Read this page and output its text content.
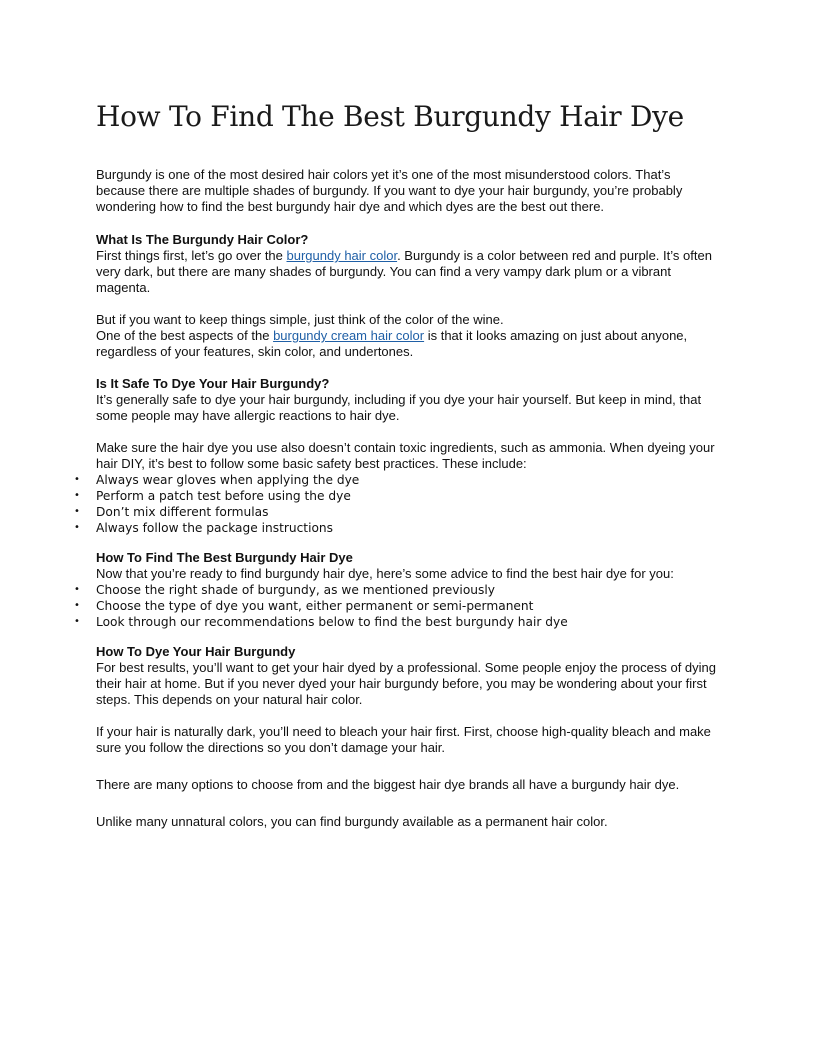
How To Find The Best Burgundy Hair Dye

Burgundy is one of the most desired hair colors yet it’s one of the most misunderstood colors. That’s because there are multiple shades of burgundy. If you want to dye your hair burgundy, you’re probably wondering how to find the best burgundy hair dye and which dyes are the best out there.

What Is The Burgundy Hair Color?

First things first, let’s go over the burgundy hair color. Burgundy is a color between red and purple. It’s often very dark, but there are many shades of burgundy. You can find a very vampy dark plum or a vibrant magenta.

But if you want to keep things simple, just think of the color of the wine.

One of the best aspects of the burgundy cream hair color is that it looks amazing on just about anyone, regardless of your features, skin color, and undertones.

Is It Safe To Dye Your Hair Burgundy?

It’s generally safe to dye your hair burgundy, including if you dye your hair yourself. But keep in mind, that some people may have allergic reactions to hair dye.

Make sure the hair dye you use also doesn’t contain toxic ingredients, such as ammonia. When dyeing your hair DIY, it’s best to follow some basic safety best practices. These include:

• Always wear gloves when applying the dye
• Perform a patch test before using the dye
• Don’t mix different formulas
• Always follow the package instructions
How To Find The Best Burgundy Hair Dye

Now that you’re ready to find burgundy hair dye, here’s some advice to find the best hair dye for you:

• Choose the right shade of burgundy, as we mentioned previously
• Choose the type of dye you want, either permanent or semi-permanent
• Look through our recommendations below to find the best burgundy hair dye
How To Dye Your Hair Burgundy

For best results, you’ll want to get your hair dyed by a professional. Some people enjoy the process of dying their hair at home. But if you never dyed your hair burgundy before, you may be wondering about your first steps. This depends on your natural hair color.

If your hair is naturally dark, you’ll need to bleach your hair first. First, choose high-quality bleach and make sure you follow the directions so you don’t damage your hair.

There are many options to choose from and the biggest hair dye brands all have a burgundy hair dye.

Unlike many unnatural colors, you can find burgundy available as a permanent hair color.
